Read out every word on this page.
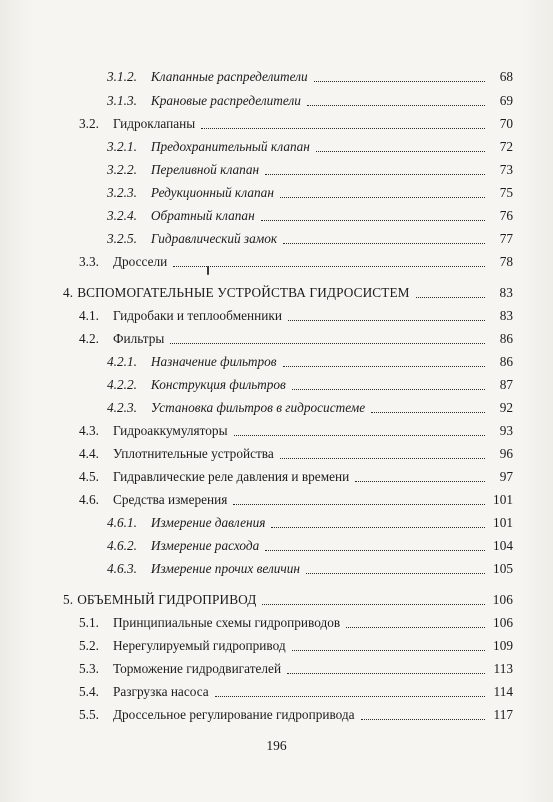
3.1.2.	Клапанные распределители	68
3.1.3.	Крановые распределители	69
3.2.	Гидроклапаны	70
3.2.1.	Предохранительный клапан	72
3.2.2.	Переливной клапан	73
3.2.3.	Редукционный клапан	75
3.2.4.	Обратный клапан	76
3.2.5.	Гидравлический замок	77
3.3.	Дроссели	78
4. ВСПОМОГАТЕЛЬНЫЕ УСТРОЙСТВА ГИДРОСИСТЕМ	83
4.1.	Гидробаки и теплообменники	83
4.2.	Фильтры	86
4.2.1.	Назначение фильтров	86
4.2.2.	Конструкция фильтров	87
4.2.3.	Установка фильтров в гидросистеме	92
4.3.	Гидроаккумуляторы	93
4.4.	Уплотнительные устройства	96
4.5.	Гидравлические реле давления и времени	97
4.6.	Средства измерения	101
4.6.1.	Измерение давления	101
4.6.2.	Измерение расхода	104
4.6.3.	Измерение прочих величин	105
5. ОБЪЕМНЫЙ ГИДРОПРИВОД	106
5.1.	Принципиальные схемы гидроприводов	106
5.2.	Нерегулируемый гидропривод	109
5.3.	Торможение гидродвигателей	113
5.4.	Разгрузка насоса	114
5.5.	Дроссельное регулирование гидропривода	117
196
